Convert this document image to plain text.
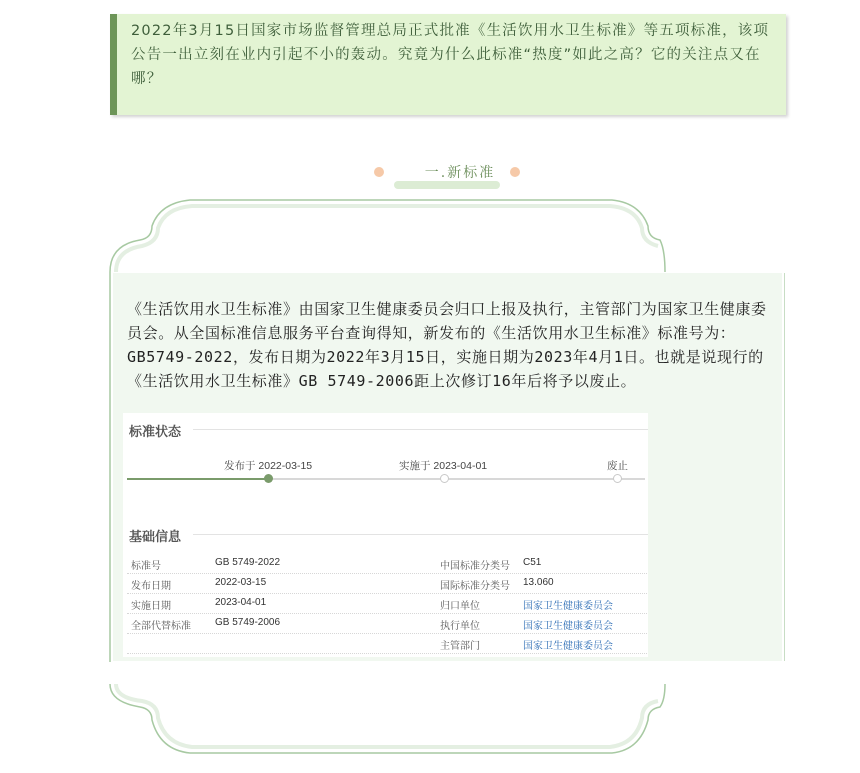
2022年3月15日国家市场监督管理总局正式批准《生活饮用水卫生标准》等五项标准，该项公告一出立刻在业内引起不小的轰动。究竟为什么此标准“热度”如此之高？它的关注点又在哪？

一.新标准

《生活饮用水卫生标准》由国家卫生健康委员会归口上报及执行，主管部门为国家卫生健康委员会。从全国标准信息服务平台查询得知，新发布的《生活饮用水卫生标准》标准号为：GB5749-2022，发布日期为2022年3月15日，实施日期为2023年4月1日。也就是说现行的《生活饮用水卫生标准》GB 5749-2006距上次修订16年后将予以废止。

标准状态
发布于 2022-03-15	实施于 2023-04-01	废止
基础信息
标准号	GB 5749-2022	中国标准分类号 C51
发布日期	2022-03-15	国际标准分类号 13.060
实施日期	2023-04-01	归口单位	国家卫生健康委员会
全部代替标准 GB 5749-2006	执行单位	国家卫生健康委员会
主管部门	国家卫生健康委员会
